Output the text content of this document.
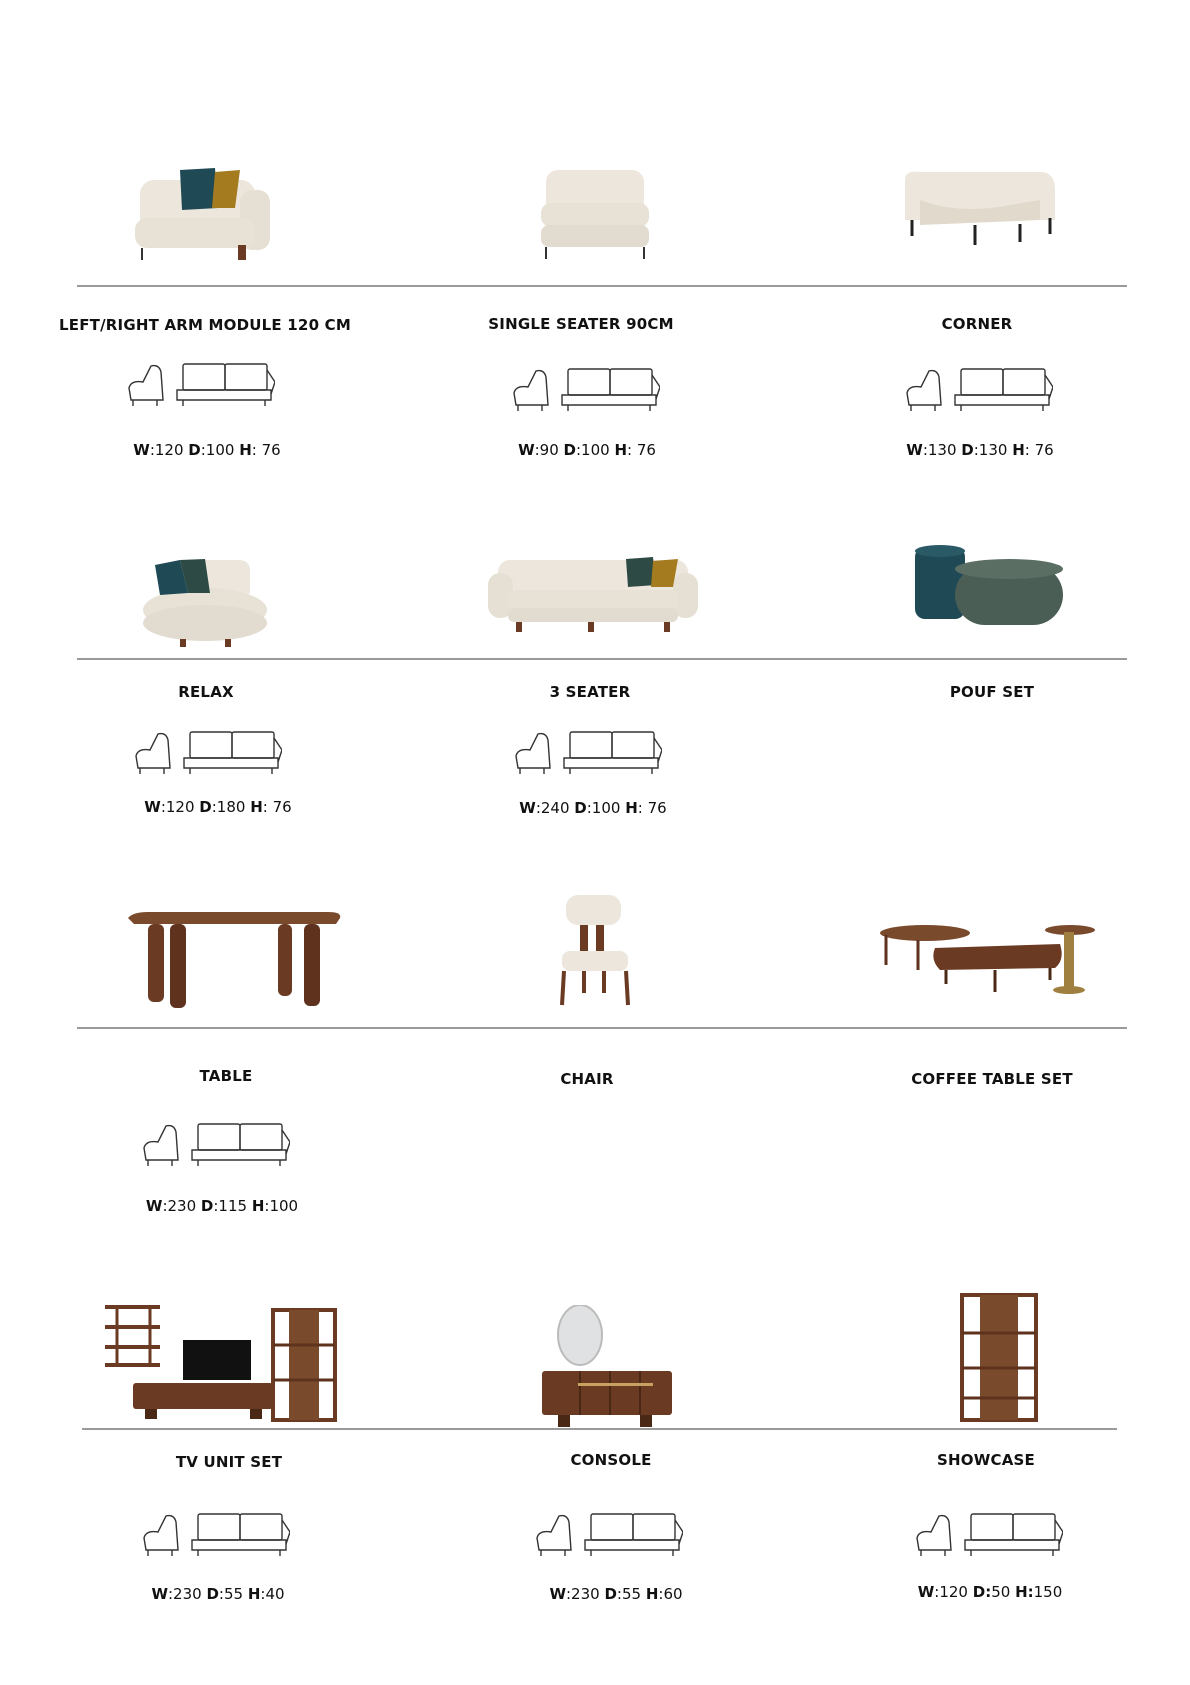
LEFT/RIGHT ARM MODULE 120 CM	SINGLE SEATER 90CM	CORNER
RELAX	3 SEATER	POUF SET
TABLE	CHAIR	COFFEE TABLE SET
TV UNIT SET	CONSOLE	SHOWCASE
W:120 D:100 H: 76	W:90 D:100 H: 76	W:130 D:130 H: 76
W:120 D:180 H: 76	W:240 D:100 H: 76
W:230 D:115 H:100
W:230 D:55 H:40	W:230 D:55 H:60	W:120 D:50 H:150
